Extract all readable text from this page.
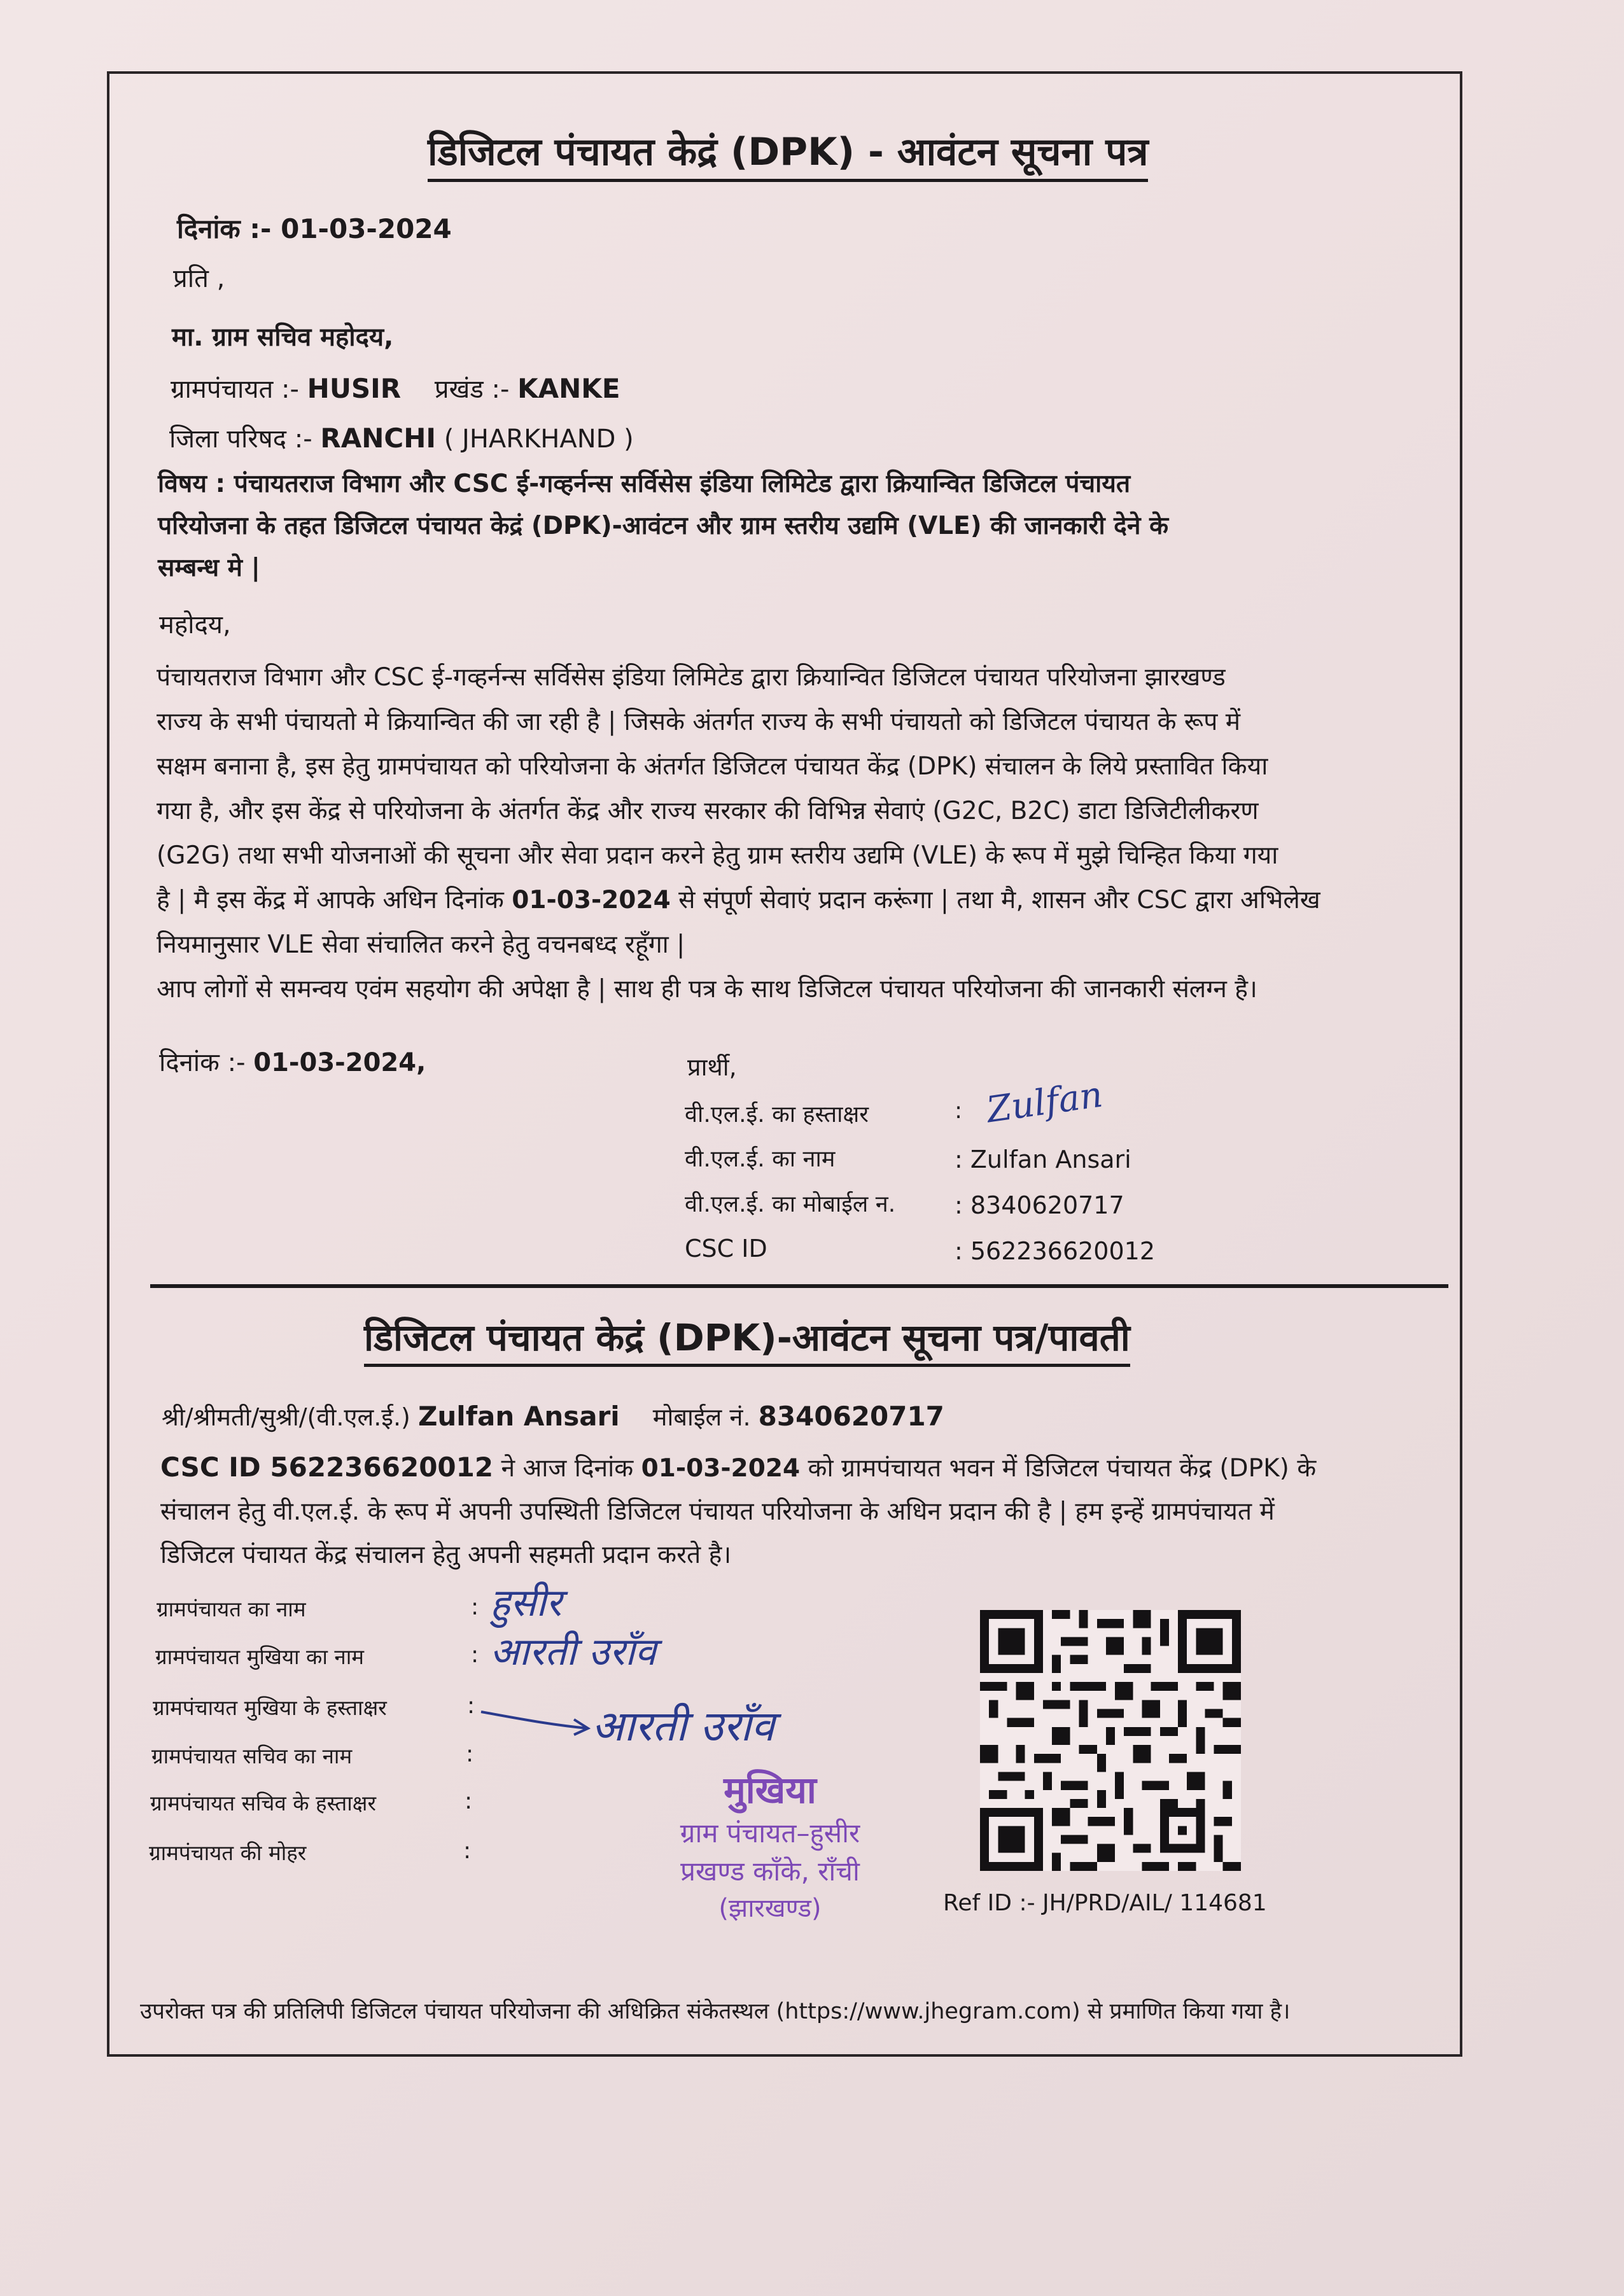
डिजिटल पंचायत केद्रं (DPK) - आवंटन सूचना पत्र
दिनांक :- 01-03-2024
प्रति ,
मा. ग्राम सचिव महोदय,
ग्रामपंचायत :- HUSIR प्रखंड :- KANKE
जिला परिषद :- RANCHI ( JHARKHAND )
विषय : पंचायतराज विभाग और CSC ई-गव्हर्नन्स सर्विसेस इंडिया लिमिटेड द्वारा क्रियान्वित डिजिटल पंचायत
परियोजना के तहत डिजिटल पंचायत केद्रं (DPK)-आवंटन और ग्राम स्तरीय उद्यमि (VLE) की जानकारी देने के
सम्बन्ध मे |
महोदय,
पंचायतराज विभाग और CSC ई-गव्हर्नन्स सर्विसेस इंडिया लिमिटेड द्वारा क्रियान्वित डिजिटल पंचायत परियोजना झारखण्ड
राज्य के सभी पंचायतो मे क्रियान्वित की जा रही है | जिसके अंतर्गत राज्य के सभी पंचायतो को डिजिटल पंचायत के रूप में
सक्षम बनाना है, इस हेतु ग्रामपंचायत को परियोजना के अंतर्गत डिजिटल पंचायत केंद्र (DPK) संचालन के लिये प्रस्तावित किया
गया है, और इस केंद्र से परियोजना के अंतर्गत केंद्र और राज्य सरकार की विभिन्न सेवाएं (G2C, B2C) डाटा डिजिटीलीकरण
(G2G) तथा सभी योजनाओं की सूचना और सेवा प्रदान करने हेतु ग्राम स्तरीय उद्यमि (VLE) के रूप में मुझे चिन्हित किया गया
है | मै इस केंद्र में आपके अधिन दिनांक 01-03-2024 से संपूर्ण सेवाएं प्रदान करूंगा | तथा मै, शासन और CSC द्वारा अभिलेख
नियमानुसार VLE सेवा संचालित करने हेतु वचनबध्द रहूँगा |
आप लोगों से समन्वय एवंम सहयोग की अपेक्षा है | साथ ही पत्र के साथ डिजिटल पंचायत परियोजना की जानकारी संलग्न है।
दिनांक :- 01-03-2024,	प्रार्थी,
वी.एल.ई. का हस्ताक्षर	: Zulfan
वी.एल.ई. का नाम	: Zulfan Ansari
वी.एल.ई. का मोबाईल न. : 8340620717
CSC ID	: 562236620012
डिजिटल पंचायत केद्रं (DPK)-आवंटन सूचना पत्र/पावती
श्री/श्रीमती/सुश्री/(वी.एल.ई.) Zulfan Ansari मोबाईल नं. 8340620717
CSC ID 562236620012 ने आज दिनांक 01-03-2024 को ग्रामपंचायत भवन में डिजिटल पंचायत केंद्र (DPK) के
संचालन हेतु वी.एल.ई. के रूप में अपनी उपस्थिती डिजिटल पंचायत परियोजना के अधिन प्रदान की है | हम इन्हें ग्रामपंचायत में
डिजिटल पंचायत केंद्र संचालन हेतु अपनी सहमती प्रदान करते है।
ग्रामपंचायत का नाम	: हुसीर
ग्रामपंचायत मुखिया का नाम	: आरती उराँव
ग्रामपंचायत मुखिया के हस्ताक्षर	:	आरती उराँव
ग्रामपंचायत सचिव का नाम	:
ग्रामपंचायत सचिव के हस्ताक्षर	:
ग्रामपंचायत की मोहर	:
मुखिया
ग्राम पंचायत–हुसीर
प्रखण्ड काँके, राँची
(झारखण्ड)	Ref ID :- JH/PRD/AIL/ 114681
उपरोक्त पत्र की प्रतिलिपी डिजिटल पंचायत परियोजना की अधिक्रित संकेतस्थल (https://www.jhegram.com) से प्रमाणित किया गया है।
